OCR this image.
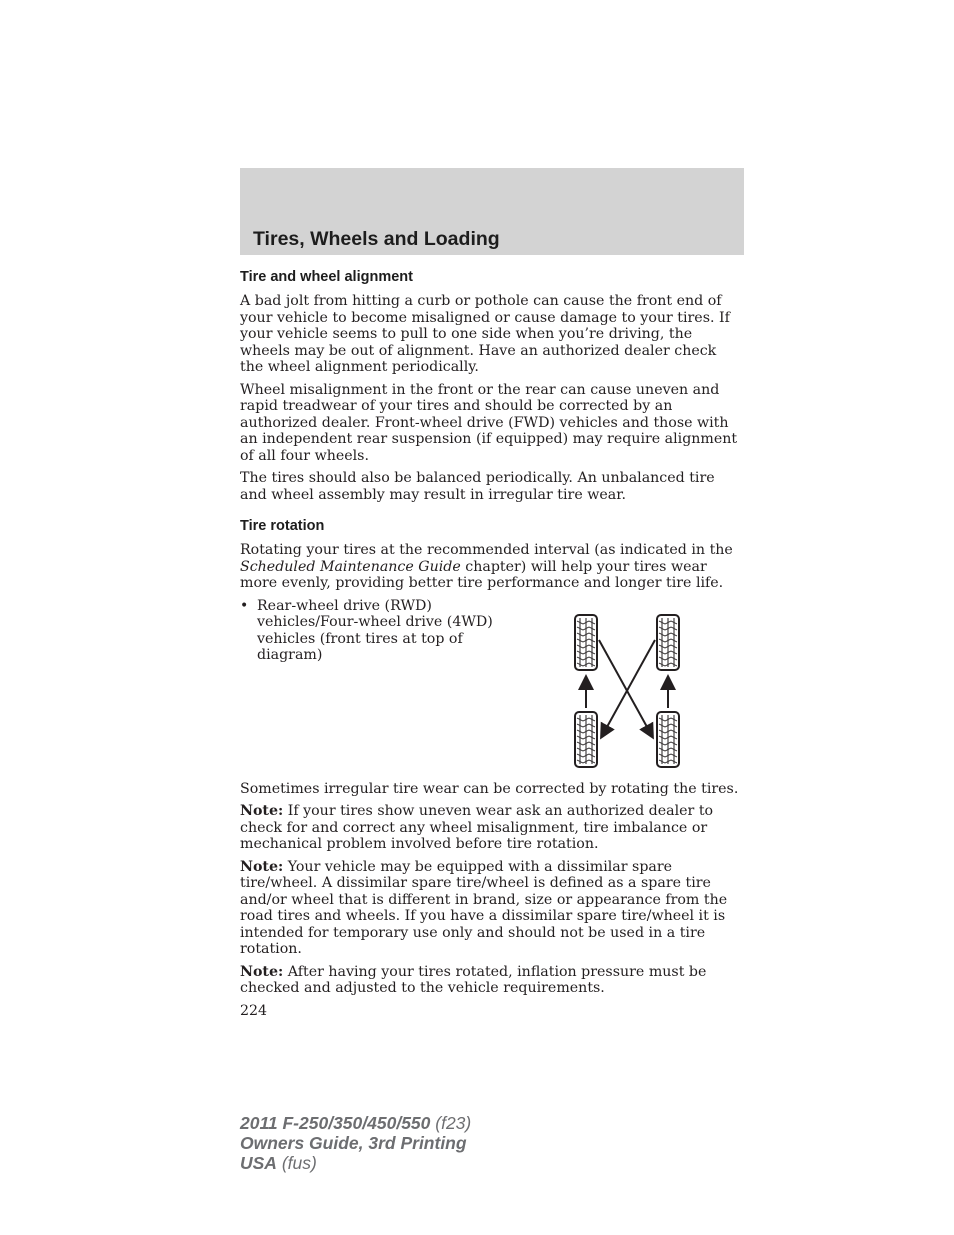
Tires, Wheels and Loading
Tire and wheel alignment

A bad jolt from hitting a curb or pothole can cause the front end of your vehicle to become misaligned or cause damage to your tires. If your vehicle seems to pull to one side when you’re driving, the wheels may be out of alignment. Have an authorized dealer check the wheel alignment periodically.

Wheel misalignment in the front or the rear can cause uneven and rapid treadwear of your tires and should be corrected by an authorized dealer. Front-wheel drive (FWD) vehicles and those with an independent rear suspension (if equipped) may require alignment of all four wheels.

The tires should also be balanced periodically. An unbalanced tire and wheel assembly may result in irregular tire wear.

Tire rotation

Rotating your tires at the recommended interval (as indicated in the Scheduled Maintenance Guide chapter) will help your tires wear more evenly, providing better tire performance and longer tire life.

• Rear-wheel drive (RWD) vehicles/Four-wheel drive (4WD) vehicles (front tires at top of diagram)

Sometimes irregular tire wear can be corrected by rotating the tires.

Note: If your tires show uneven wear ask an authorized dealer to check for and correct any wheel misalignment, tire imbalance or mechanical problem involved before tire rotation.

Note: Your vehicle may be equipped with a dissimilar spare tire/wheel. A dissimilar spare tire/wheel is defined as a spare tire and/or wheel that is different in brand, size or appearance from the road tires and wheels. If you have a dissimilar spare tire/wheel it is intended for temporary use only and should not be used in a tire rotation.

Note: After having your tires rotated, inflation pressure must be checked and adjusted to the vehicle requirements.

224
2011 F-250/350/450/550 (f23)
Owners Guide, 3rd Printing
USA (fus)
